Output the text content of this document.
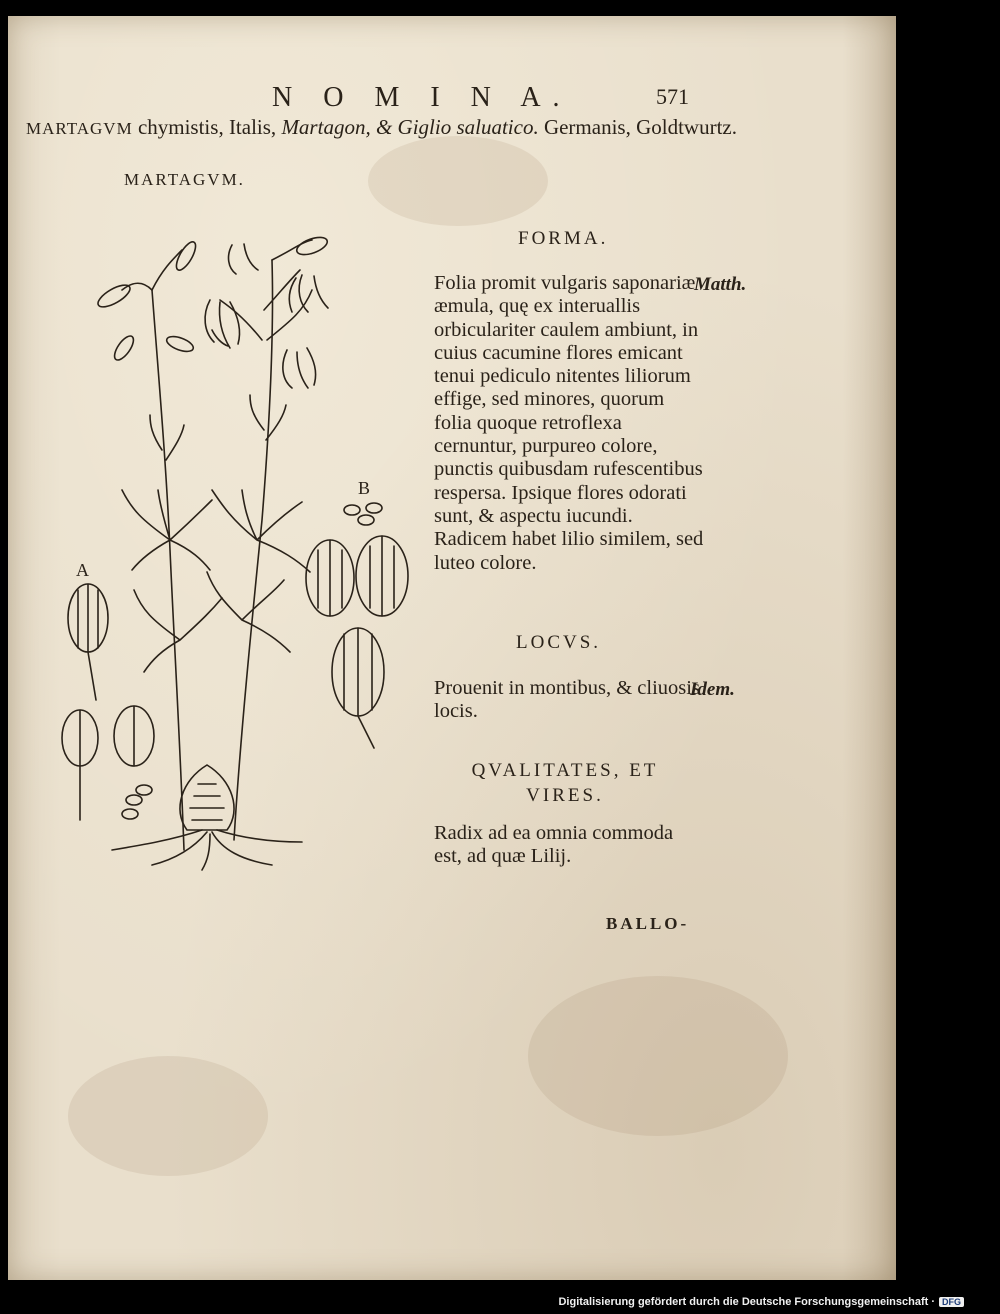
N O M I N A.	571
MARTAGVM chymistis, Italis, Martagon, & Giglio saluatico. Germanis, Goldtwurtz.
MARTAGVM.
A
B
FORMA.
Folia promit vulgaris saponariæ æmula, quę ex interuallis orbiculariter caulem ambiunt, in cuius cacumine flores emicant tenui pediculo nitentes liliorum effige, sed minores, quorum folia quoque retroflexa cernuntur, purpureo colore, punctis quibusdam rufescentibus respersa. Ipsique flores odorati sunt, & aspectu iucundi. Radicem habet lilio similem, sed luteo colore.
Matth.
LOCVS.
Prouenit in montibus, & cliuosis locis.
Idem.
QVALITATES, ET
VIRES.
Radix ad ea omnia commoda est, ad quæ Lilij.
BALLO-
Digitalisierung gefördert durch die Deutsche Forschungsgemeinschaft · DFG
